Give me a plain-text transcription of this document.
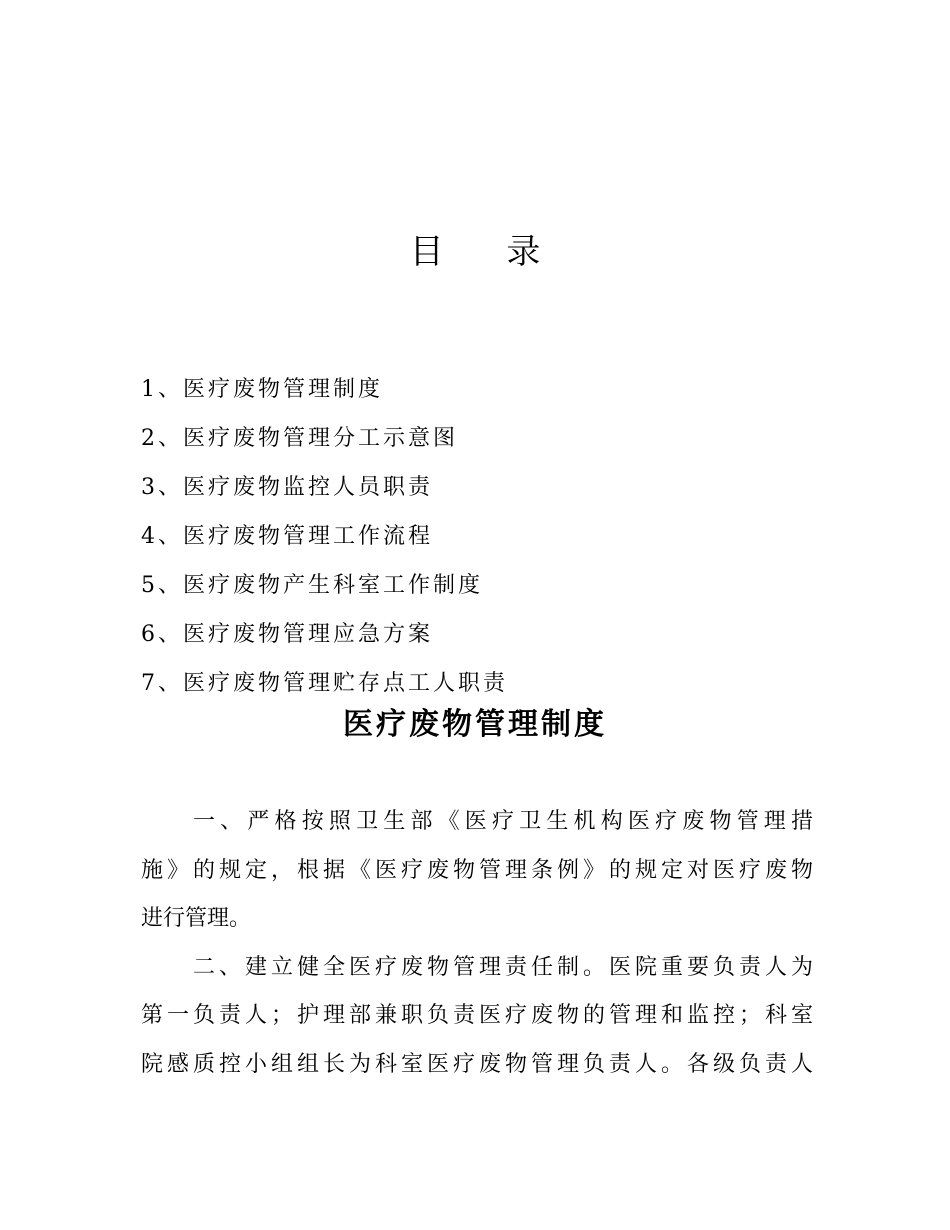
目 录
1、医疗废物管理制度
2、医疗废物管理分工示意图
3、医疗废物监控人员职责
4、医疗废物管理工作流程
5、医疗废物产生科室工作制度
6、医疗废物管理应急方案
7、医疗废物管理贮存点工人职责
医疗废物管理制度

一、严格按照卫生部《医疗卫生机构医疗废物管理措
施》的规定，根据《医疗废物管理条例》的规定对医疗废物
进行管理。

二、建立健全医疗废物管理责任制。医院重要负责人为
第一负责人；护理部兼职负责医疗废物的管理和监控；科室
院感质控小组组长为科室医疗废物管理负责人。各级负责人
